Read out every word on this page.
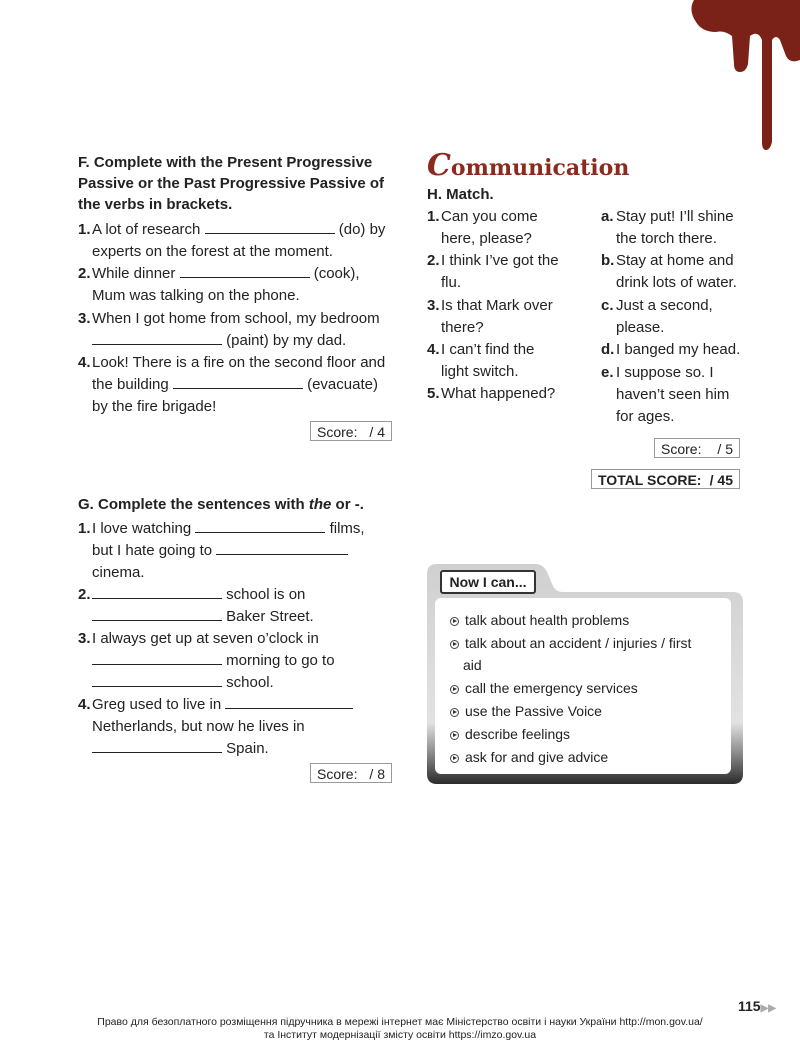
F. Complete with the Present Progressive
Passive or the Past Progressive Passive of
the verbs in brackets.
1. A lot of research	(do) by
experts on the forest at the moment.
2. While dinner	(cook),
Mum was talking on the phone.
3. When I got home from school, my bedroom
(paint) by my dad.
4. Look! There is a fire on the second floor and
the building	(evacuate)
by the fire brigade!
Score: / 4
G. Complete the sentences with the or -.
1. I love watching	films,
but I hate going to
cinema.
2.	school is on
Baker Street.
3. I always get up at seven o’clock in
morning to go to
school.
4. Greg used to live in
Netherlands, but now he lives in
Spain.
Score: / 8
Communication
H. Match.
1. Can you come
here, please?
2. I think I’ve got the
flu.
3. Is that Mark over
there?
4. I can’t find the
light switch.
5. What happened?
a. Stay put! I’ll shine
the torch there.
b. Stay at home and
drink lots of water.
c. Just a second,
please.
d. I banged my head.
e. I suppose so. I
haven’t seen him
for ages.
Score: / 5
TOTAL SCORE: / 45
Now I can...
talk about health problems
talk about an accident / injuries / first
aid
call the emergency services
use the Passive Voice
describe feelings
ask for and give advice
115▶▶
Право для безоплатного розміщення підручника в мережі інтернет має Міністерство освіти і науки України http://mon.gov.ua/
та Інститут модернізації змісту освіти https://imzo.gov.ua
